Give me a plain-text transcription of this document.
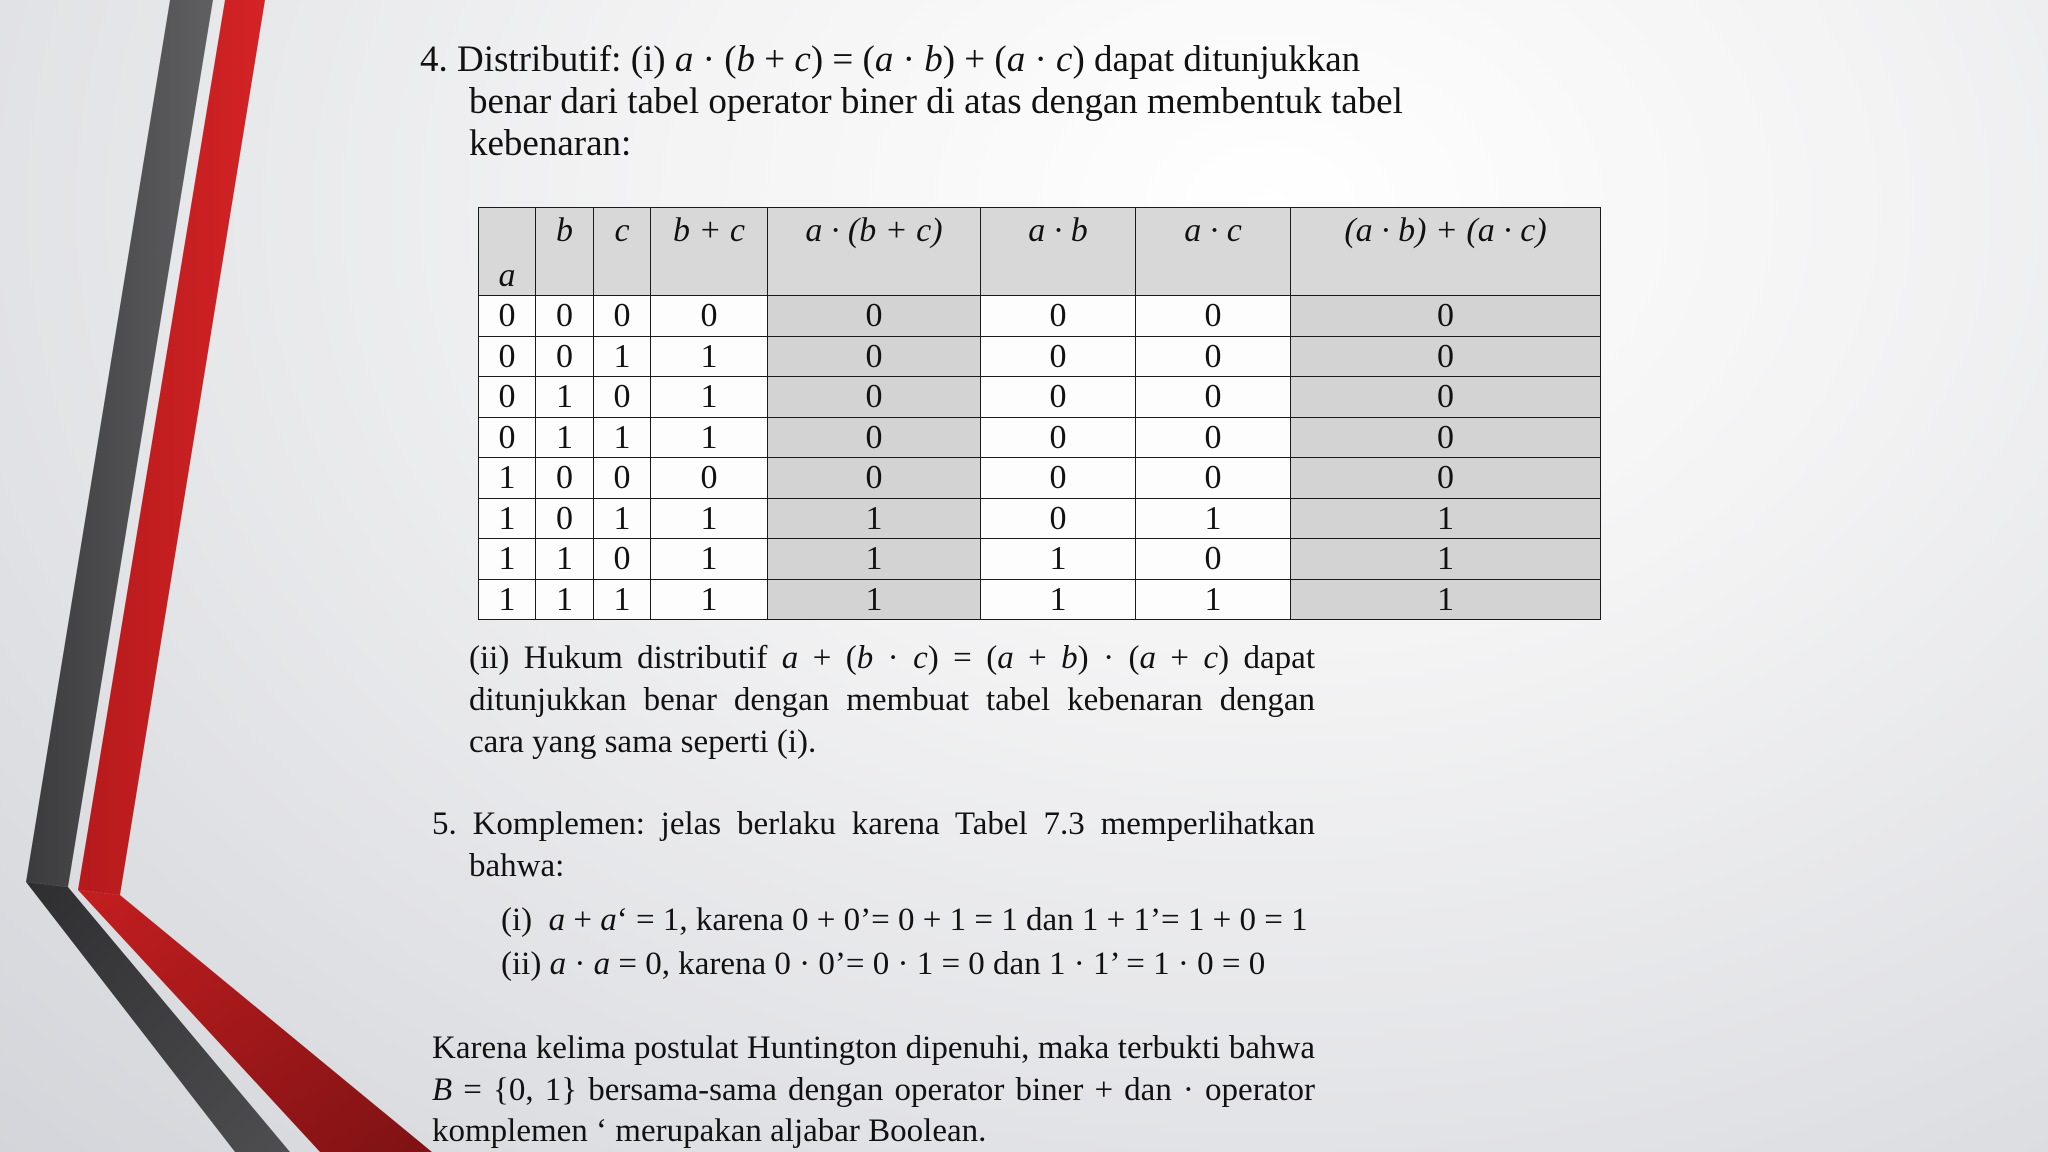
4. Distributif: (i) a · (b + c) = (a · b) + (a · c) dapat ditunjukkan
benar dari tabel operator biner di atas dengan membentuk tabel
kebenaran:
a	b	c	b + c	a · (b + c)	a · b	a · c	(a · b) + (a · c)
0	0	0	0	0	0	0	0
0	0	1	1	0	0	0	0
0	1	0	1	0	0	0	0
0	1	1	1	0	0	0	0
1	0	0	0	0	0	0	0
1	0	1	1	1	0	1	1
1	1	0	1	1	1	0	1
1	1	1	1	1	1	1	1
(ii) Hukum distributif a + (b · c) = (a + b) · (a + c) dapat
ditunjukkan benar dengan membuat tabel kebenaran dengan
cara yang sama seperti (i).
5. Komplemen: jelas berlaku karena Tabel 7.3 memperlihatkan
bahwa:
(i)  a + a‘ = 1, karena 0 + 0’= 0 + 1 = 1 dan 1 + 1’= 1 + 0 = 1
(ii) a · a = 0, karena 0 · 0’= 0 · 1 = 0 dan 1 · 1’ = 1 · 0 = 0
Karena kelima postulat Huntington dipenuhi, maka terbukti bahwa
B = {0, 1} bersama-sama dengan operator biner + dan · operator
komplemen ‘ merupakan aljabar Boolean.
